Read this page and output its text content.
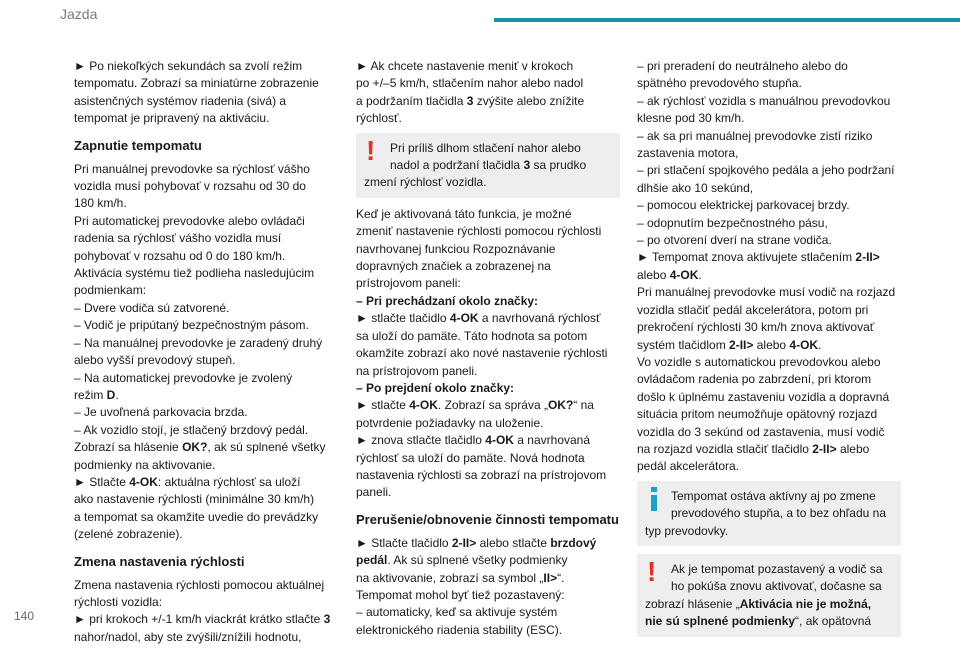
Jazda
► Po niekoľkých sekundách sa zvolí režim
tempomatu. Zobrazí sa miniatúrne zobrazenie
asistenčných systémov riadenia (sivá) a
tempomat je pripravený na aktiváciu.
Zapnutie tempomatu
Pri manuálnej prevodovke sa rýchlosť vášho
vozidla musí pohybovať v rozsahu od 30 do
180 km/h.
Pri automatickej prevodovke alebo ovládači
radenia sa rýchlosť vášho vozidla musí
pohybovať v rozsahu od 0 do 180 km/h.
Aktivácia systému tiež podlieha nasledujúcim
podmienkam:
– Dvere vodiča sú zatvorené.
– Vodič je pripútaný bezpečnostným pásom.
– Na manuálnej prevodovke je zaradený druhý
alebo vyšší prevodový stupeň.
– Na automatickej prevodovke je zvolený
režim D.
– Je uvoľnená parkovacia brzda.
– Ak vozidlo stojí, je stlačený brzdový pedál.
Zobrazí sa hlásenie OK?, ak sú splnené všetky
podmienky na aktivovanie.
► Stlačte 4-OK: aktuálna rýchlosť sa uloží
ako nastavenie rýchlosti (minimálne 30 km/h)
a tempomat sa okamžite uvedie do prevádzky
(zelené zobrazenie).
Zmena nastavenia rýchlosti
Zmena nastavenia rýchlosti pomocou aktuálnej
rýchlosti vozidla:
► pri krokoch +/-1 km/h viackrát krátko stlačte 3
nahor/nadol, aby ste zvýšili/znížili hodnotu,
► Ak chcete nastavenie meniť v krokoch
po +/–5 km/h, stlačením nahor alebo nadol
a podržaním tlačidla 3 zvýšite alebo znížite
rýchlosť.
!	Pri príliš dlhom stlačení nahor alebo
nadol a podržaní tlačidla 3 sa prudko
zmení rýchlosť vozidla.
Keď je aktivovaná táto funkcia, je možné
zmeniť nastavenie rýchlosti pomocou rýchlosti
navrhovanej funkciou Rozpoznávanie
dopravných značiek a zobrazenej na
prístrojovom paneli:
– Pri prechádzaní okolo značky:
► stlačte tlačidlo 4-OK a navrhovaná rýchlosť
sa uloží do pamäte. Táto hodnota sa potom
okamžite zobrazí ako nové nastavenie rýchlosti
na prístrojovom paneli.
– Po prejdení okolo značky:
► stlačte 4-OK. Zobrazí sa správa „OK?“ na
potvrdenie požiadavky na uloženie.
► znova stlačte tlačidlo 4-OK a navrhovaná
rýchlosť sa uloží do pamäte. Nová hodnota
nastavenia rýchlosti sa zobrazí na prístrojovom
paneli.
Prerušenie/obnovenie činnosti tempomatu
► Stlačte tlačidlo 2-II> alebo stlačte brzdový
pedál. Ak sú splnené všetky podmienky
na aktivovanie, zobrazí sa symbol „II>“.
Tempomat mohol byť tiež pozastavený:
– automaticky, keď sa aktivuje systém
elektronického riadenia stability (ESC).
– pri preradení do neutrálneho alebo do
spätného prevodového stupňa.
– ak rýchlosť vozidla s manuálnou prevodovkou
klesne pod 30 km/h.
– ak sa pri manuálnej prevodovke zistí riziko
zastavenia motora,
– pri stlačení spojkového pedála a jeho podržaní
dlhšie ako 10 sekúnd,
– pomocou elektrickej parkovacej brzdy.
– odopnutím bezpečnostného pásu,
– po otvorení dverí na strane vodiča.
► Tempomat znova aktivujete stlačením 2-II>
alebo 4-OK.
Pri manuálnej prevodovke musí vodič na rozjazd
vozidla stlačiť pedál akcelerátora, potom pri
prekročení rýchlosti 30 km/h znova aktivovať
systém tlačidlom 2-II> alebo 4-OK.
Vo vozidle s automatickou prevodovkou alebo
ovládačom radenia po zabrzdení, pri ktorom
došlo k úplnému zastaveniu vozidla a dopravná
situácia pritom neumožňuje opätovný rozjazd
vozidla do 3 sekúnd od zastavenia, musí vodič
na rozjazd vozidla stlačiť tlačidlo 2-II> alebo
pedál akcelerátora.
Tempomat ostáva aktívny aj po zmene
prevodového stupňa, a to bez ohľadu na
typ prevodovky.
!	Ak je tempomat pozastavený a vodič sa
ho pokúša znovu aktivovať, dočasne sa
zobrazí hlásenie „Aktivácia nie je možná,
nie sú splnené podmienky“, ak opätovná
140
